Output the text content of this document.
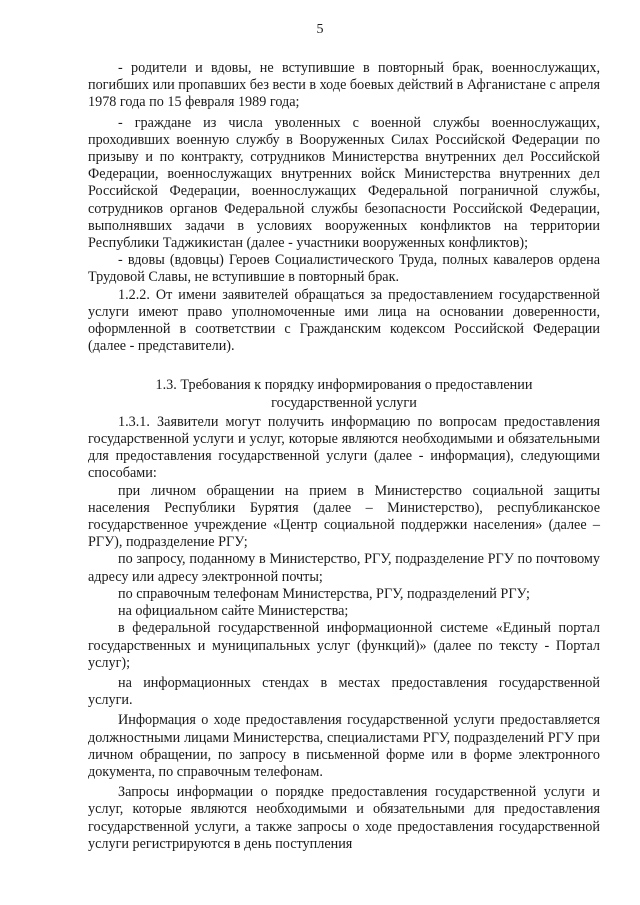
5

- родители и вдовы, не вступившие в повторный брак, военнослужащих, погибших или пропавших без вести в ходе боевых действий в Афганистане с апреля 1978 года по 15 февраля 1989 года;

- граждане из числа уволенных с военной службы военнослужащих, проходивших военную службу в Вооруженных Силах Российской Федерации по призыву и по контракту, сотрудников Министерства внутренних дел Российской Федерации, военнослужащих внутренних войск Министерства внутренних дел Российской Федерации, военнослужащих Федеральной пограничной службы, сотрудников органов Федеральной службы безопасности Российской Федерации, выполнявших задачи в условиях вооруженных конфликтов на территории Республики Таджикистан (далее - участники вооруженных конфликтов);

- вдовы (вдовцы) Героев Социалистического Труда, полных кавалеров ордена Трудовой Славы, не вступившие в повторный брак.

1.2.2. От имени заявителей обращаться за предоставлением государственной услуги имеют право уполномоченные ими лица на основании доверенности, оформленной в соответствии с Гражданским кодексом Российской Федерации (далее - представители).

1.3. Требования к порядку информирования о предоставлении
государственной услуги

1.3.1. Заявители могут получить информацию по вопросам предоставления государственной услуги и услуг, которые являются необходимыми и обязательными для предоставления государственной услуги (далее - информация), следующими способами:

при личном обращении на прием в Министерство социальной защиты населения Республики Бурятия (далее – Министерство), республиканское государственное учреждение «Центр социальной поддержки населения» (далее – РГУ), подразделение РГУ;

по запросу, поданному в Министерство, РГУ, подразделение РГУ по почтовому адресу или адресу электронной почты;

по справочным телефонам Министерства, РГУ, подразделений РГУ;

на официальном сайте Министерства;

в федеральной государственной информационной системе «Единый портал государственных и муниципальных услуг (функций)» (далее по тексту - Портал услуг);

на информационных стендах в местах предоставления государственной услуги.

Информация о ходе предоставления государственной услуги предоставляется должностными лицами Министерства, специалистами РГУ, подразделений РГУ при личном обращении, по запросу в письменной форме или в форме электронного документа, по справочным телефонам.

Запросы информации о порядке предоставления государственной услуги и услуг, которые являются необходимыми и обязательными для предоставления государственной услуги, а также запросы о ходе предоставления государственной услуги регистрируются в день поступления
